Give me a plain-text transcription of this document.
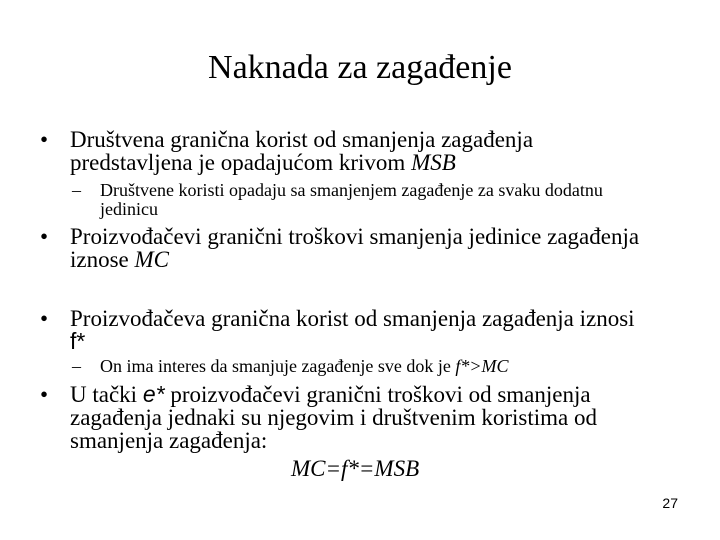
Naknada za zagađenje
• Društvena granična korist od smanjenja zagađenja
predstavljena je opadajućom krivom MSB
– Društvene koristi opadaju sa smanjenjem zagađenje za svaku dodatnu
jedinicu
• Proizvođačevi granični troškovi smanjenja jedinice zagađenja
iznose MC
• Proizvođačeva granična korist od smanjenja zagađenja iznosi
f*
– On ima interes da smanjuje zagađenje sve dok je f*>MC
• U tački e* proizvođačevi granični troškovi od smanjenja
zagađenja jednaki su njegovim i društvenim koristima od
smanjenja zagađenja:
MC=f*=MSB
27
